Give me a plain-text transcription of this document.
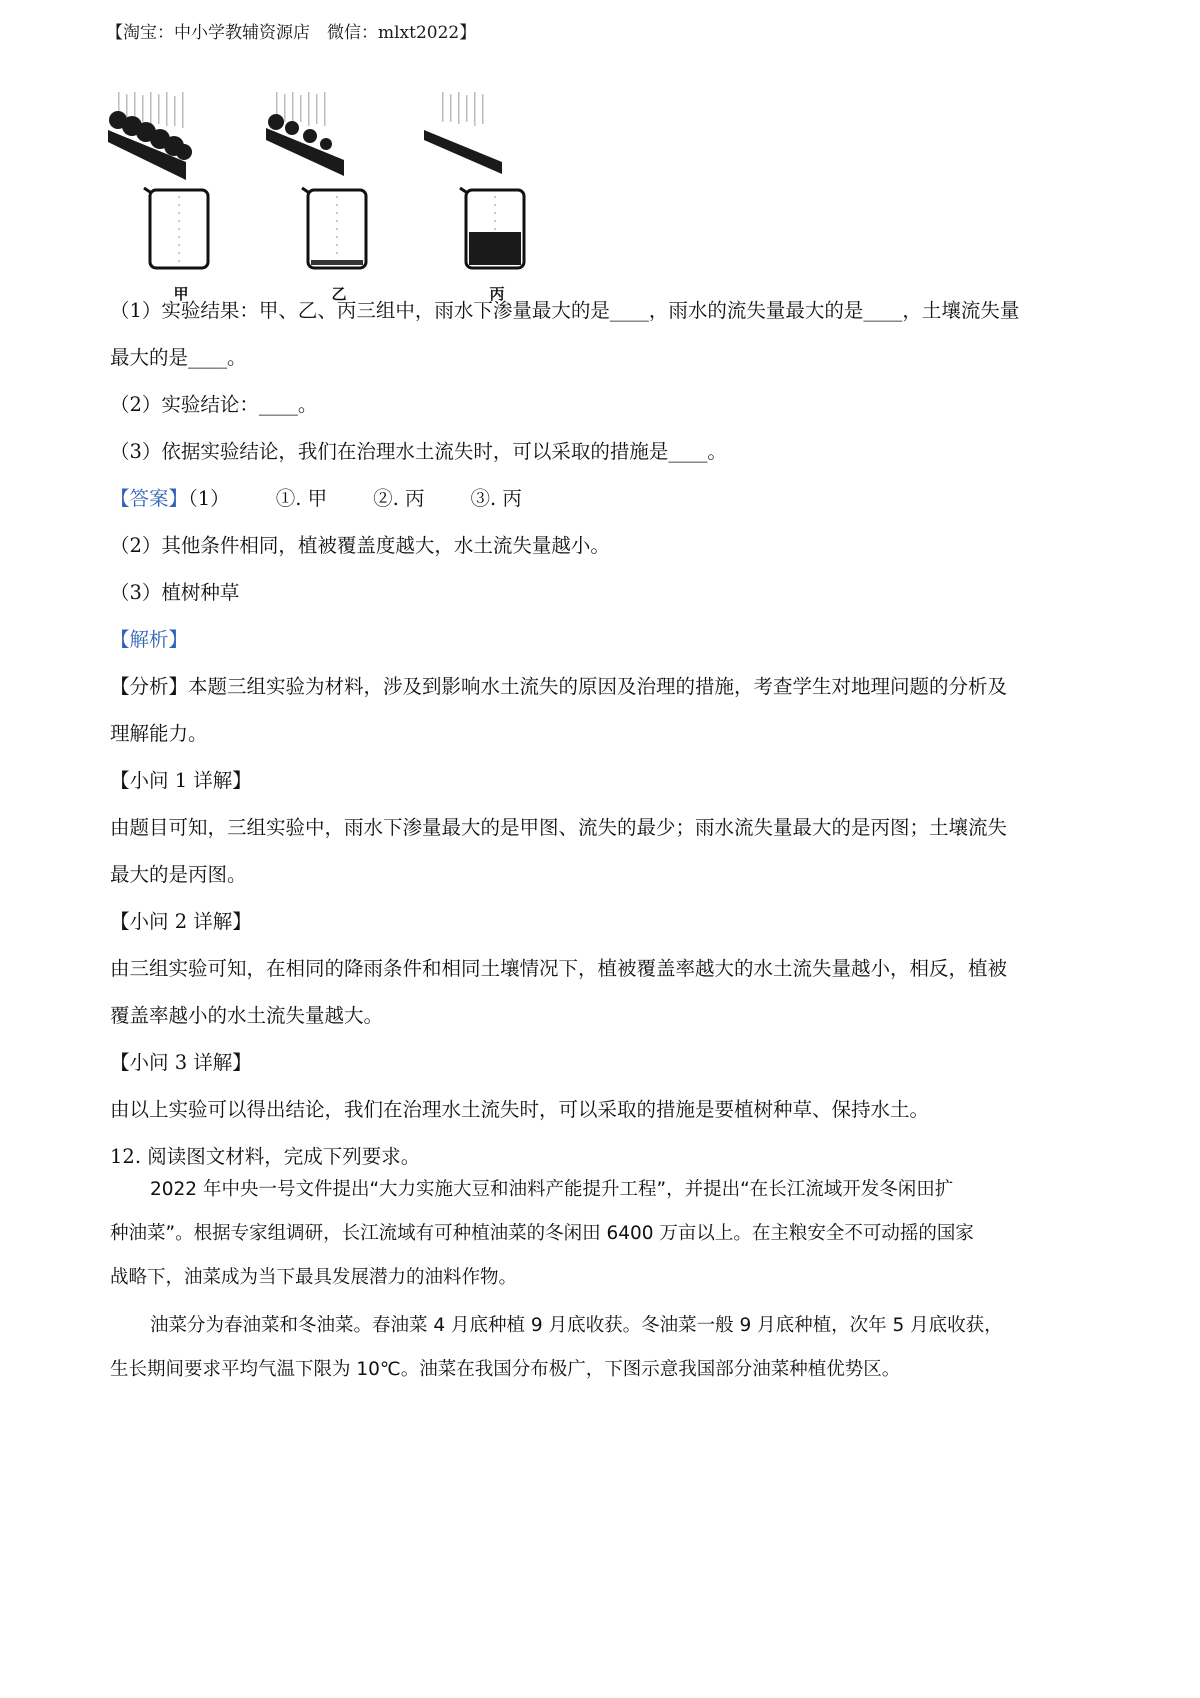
【淘宝：中小学教辅资源店　微信：mlxt2022】
甲	乙	丙
（1）实验结果：甲、乙、丙三组中，雨水下渗量最大的是____，雨水的流失量最大的是____，土壤流失量
最大的是____。
（2）实验结论：____。
（3）依据实验结论，我们在治理水土流失时，可以采取的措施是____。
【答案】（1） ①. 甲 ②. 丙 ③. 丙
（2）其他条件相同，植被覆盖度越大，水土流失量越小。
（3）植树种草
【解析】
【分析】本题三组实验为材料，涉及到影响水土流失的原因及治理的措施，考查学生对地理问题的分析及
理解能力。
【小问 1 详解】
由题目可知，三组实验中，雨水下渗量最大的是甲图、流失的最少；雨水流失量最大的是丙图；土壤流失
最大的是丙图。
【小问 2 详解】
由三组实验可知，在相同的降雨条件和相同土壤情况下，植被覆盖率越大的水土流失量越小，相反，植被
覆盖率越小的水土流失量越大。
【小问 3 详解】
由以上实验可以得出结论，我们在治理水土流失时，可以采取的措施是要植树种草、保持水土。
12. 阅读图文材料，完成下列要求。

2022 年中央一号文件提出“大力实施大豆和油料产能提升工程”，并提出“在长江流域开发冬闲田扩

种油菜”。根据专家组调研，长江流域有可种植油菜的冬闲田 6400 万亩以上。在主粮安全不可动摇的国家

战略下，油菜成为当下最具发展潜力的油料作物。

油菜分为春油菜和冬油菜。春油菜 4 月底种植 9 月底收获。冬油菜一般 9 月底种植，次年 5 月底收获，

生长期间要求平均气温下限为 10℃。油菜在我国分布极广，下图示意我国部分油菜种植优势区。
